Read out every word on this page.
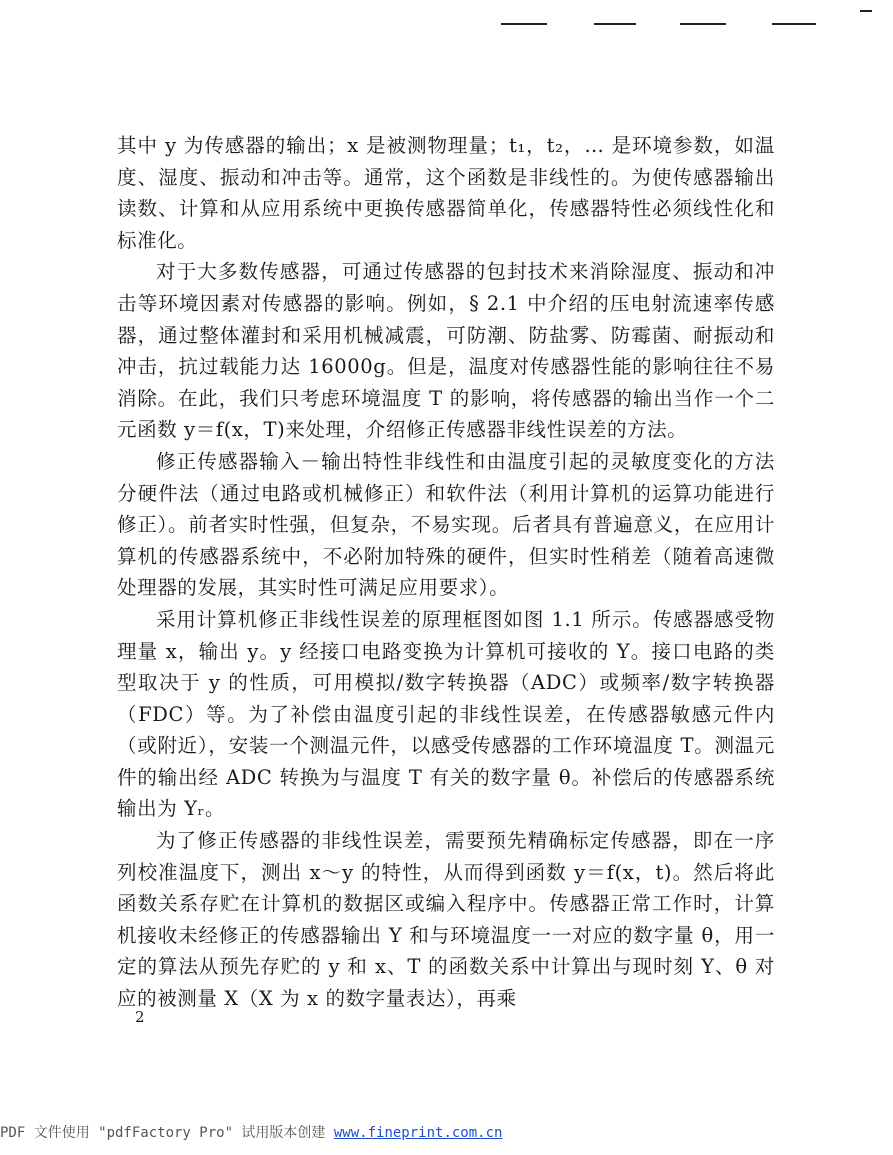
其中 y 为传感器的输出；x 是被测物理量；t₁，t₂，… 是环境参数，如温度、湿度、振动和冲击等。通常，这个函数是非线性的。为使传感器输出读数、计算和从应用系统中更换传感器简单化，传感器特性必须线性化和标准化。

对于大多数传感器，可通过传感器的包封技术来消除湿度、振动和冲击等环境因素对传感器的影响。例如，§ 2.1 中介绍的压电射流速率传感器，通过整体灌封和采用机械减震，可防潮、防盐雾、防霉菌、耐振动和冲击，抗过载能力达 16000g。但是，温度对传感器性能的影响往往不易消除。在此，我们只考虑环境温度 T 的影响，将传感器的输出当作一个二元函数 y＝f(x，T)来处理，介绍修正传感器非线性误差的方法。

修正传感器输入－输出特性非线性和由温度引起的灵敏度变化的方法分硬件法（通过电路或机械修正）和软件法（利用计算机的运算功能进行修正）。前者实时性强，但复杂，不易实现。后者具有普遍意义，在应用计算机的传感器系统中，不必附加特殊的硬件，但实时性稍差（随着高速微处理器的发展，其实时性可满足应用要求）。

采用计算机修正非线性误差的原理框图如图 1.1 所示。传感器感受物理量 x，输出 y。y 经接口电路变换为计算机可接收的 Y。接口电路的类型取决于 y 的性质，可用模拟/数字转换器（ADC）或频率/数字转换器（FDC）等。为了补偿由温度引起的非线性误差，在传感器敏感元件内（或附近），安装一个测温元件，以感受传感器的工作环境温度 T。测温元件的输出经 ADC 转换为与温度 T 有关的数字量 θ。补偿后的传感器系统输出为 Yᵣ。

为了修正传感器的非线性误差，需要预先精确标定传感器，即在一序列校准温度下，测出 x～y 的特性，从而得到函数 y＝f(x，t)。然后将此函数关系存贮在计算机的数据区或编入程序中。传感器正常工作时，计算机接收未经修正的传感器输出 Y 和与环境温度一一对应的数字量 θ，用一定的算法从预先存贮的 y 和 x、T 的函数关系中计算出与现时刻 Y、θ 对应的被测量 X（X 为 x 的数字量表达），再乘

2
PDF 文件使用 "pdfFactory Pro" 试用版本创建 www.fineprint.com.cn
